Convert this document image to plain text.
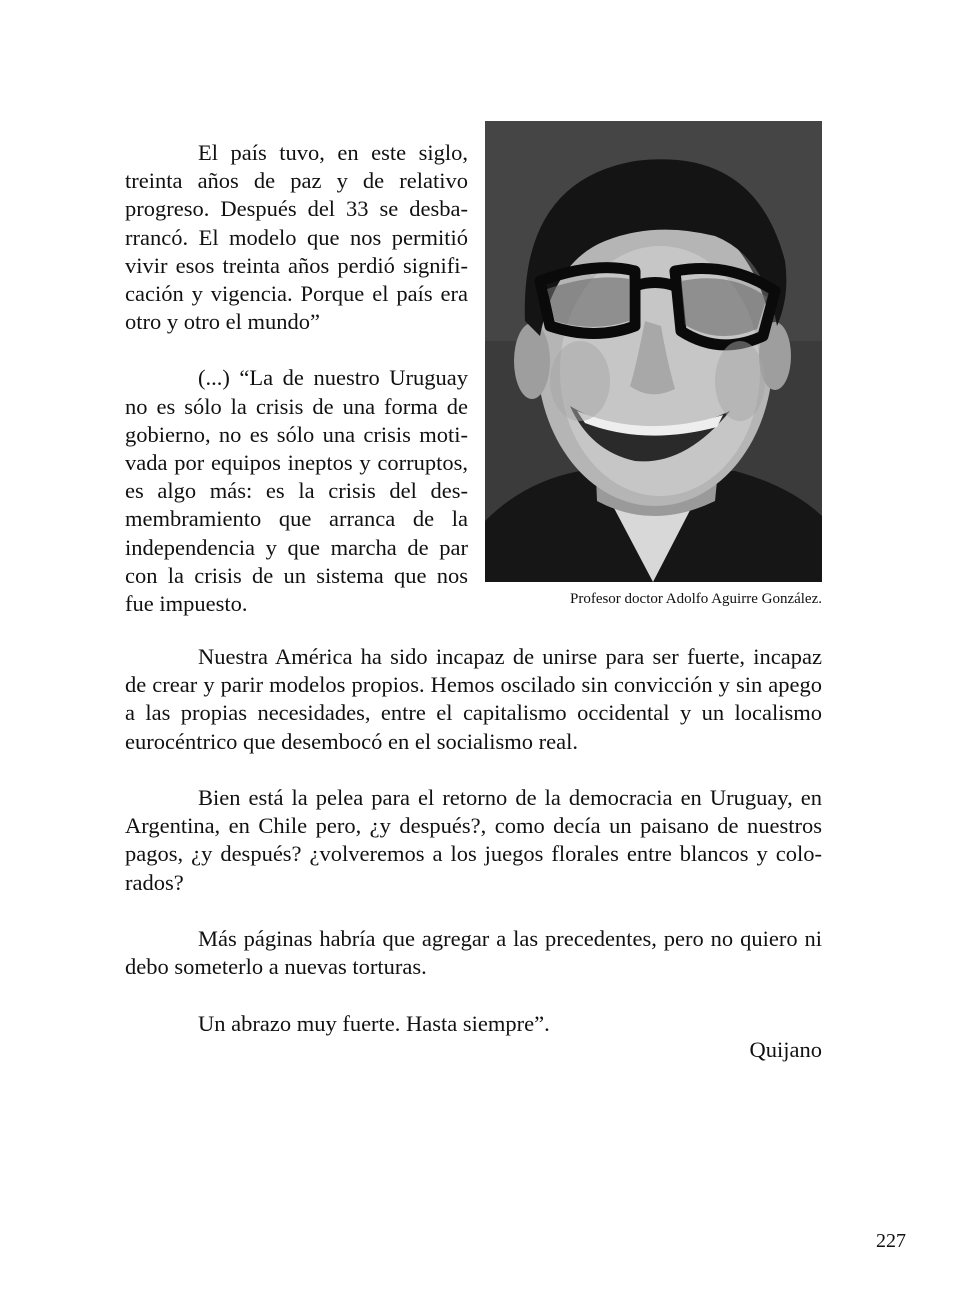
El país tuvo, en este siglo, treinta años de paz y de relativo progreso. Después del 33 se desbarrancó. El modelo que nos permitió vivir esos treinta años perdió significación y vigencia. Porque el país era otro y otro el mundo”

(...) “La de nuestro Uruguay no es sólo la crisis de una forma de gobierno, no es sólo una crisis motivada por equipos ineptos y corruptos, es algo más: es la crisis del desmembramiento que arranca de la independencia y que marcha de par con la crisis de un sistema que nos fue impuesto.	Profesor doctor Adolfo Aguirre González.

Nuestra América ha sido incapaz de unirse para ser fuerte, incapaz de crear y parir modelos propios. Hemos oscilado sin convicción y sin apego a las propias necesidades, entre el capitalismo occidental y un localismo eurocéntrico que desembocó en el socialismo real.

Bien está la pelea para el retorno de la democracia en Uruguay, en Argentina, en Chile pero, ¿y después?, como decía un paisano de nuestros pagos, ¿y después? ¿volveremos a los juegos florales entre blancos y colorados?

Más páginas habría que agregar a las precedentes, pero no quiero ni debo someterlo a nuevas torturas.

Un abrazo muy fuerte. Hasta siempre”.

Quijano
227
